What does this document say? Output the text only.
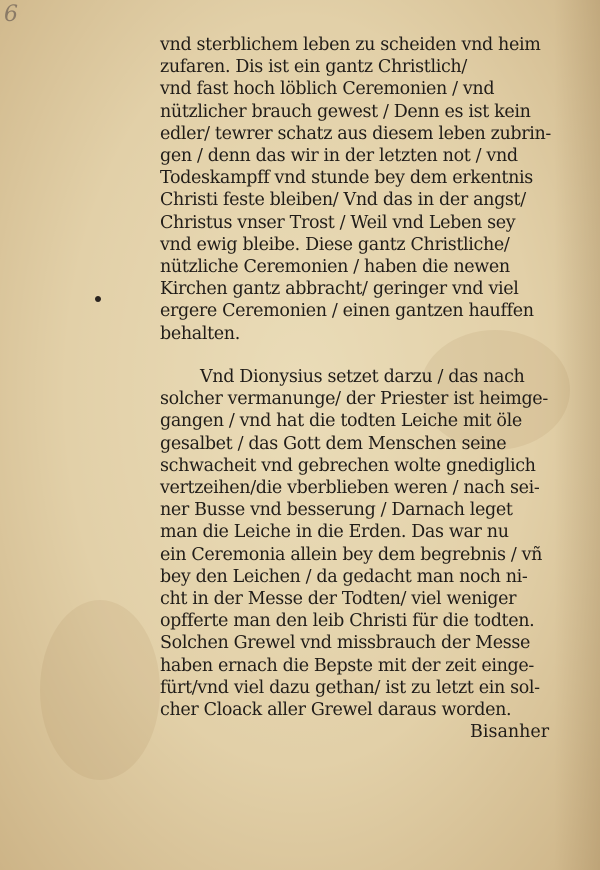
6
vnd sterblichem leben zu scheiden vnd heim
zufaren. Dis ist ein gantz Christlich/
vnd fast hoch löblich Ceremonien / vnd
nützlicher brauch gewest / Denn es ist kein
edler/ tewrer schatz aus diesem leben zubrin-
gen / denn das wir in der letzten not / vnd
Todeskampff vnd stunde bey dem erkentnis
Christi feste bleiben/ Vnd das in der angst/
Christus vnser Trost / Weil vnd Leben sey
vnd ewig bleibe. Diese gantz Christliche/
nützliche Ceremonien / haben die newen
Kirchen gantz abbracht/ geringer vnd viel
ergere Ceremonien / einen gantzen hauffen
behalten.
Vnd Dionysius setzet darzu / das nach
solcher vermanunge/ der Priester ist heimge-
gangen / vnd hat die todten Leiche mit öle
gesalbet / das Gott dem Menschen seine
schwacheit vnd gebrechen wolte gnediglich
vertzeihen/die vberblieben weren / nach sei-
ner Busse vnd besserung / Darnach leget
man die Leiche in die Erden. Das war nu
ein Ceremonia allein bey dem begrebnis / vñ
bey den Leichen / da gedacht man noch ni-
cht in der Messe der Todten/ viel weniger
opfferte man den leib Christi für die todten.
Solchen Grewel vnd missbrauch der Messe
haben ernach die Bepste mit der zeit einge-
fürt/vnd viel dazu gethan/ ist zu letzt ein sol-
cher Cloack aller Grewel daraus worden.
Bisanher
